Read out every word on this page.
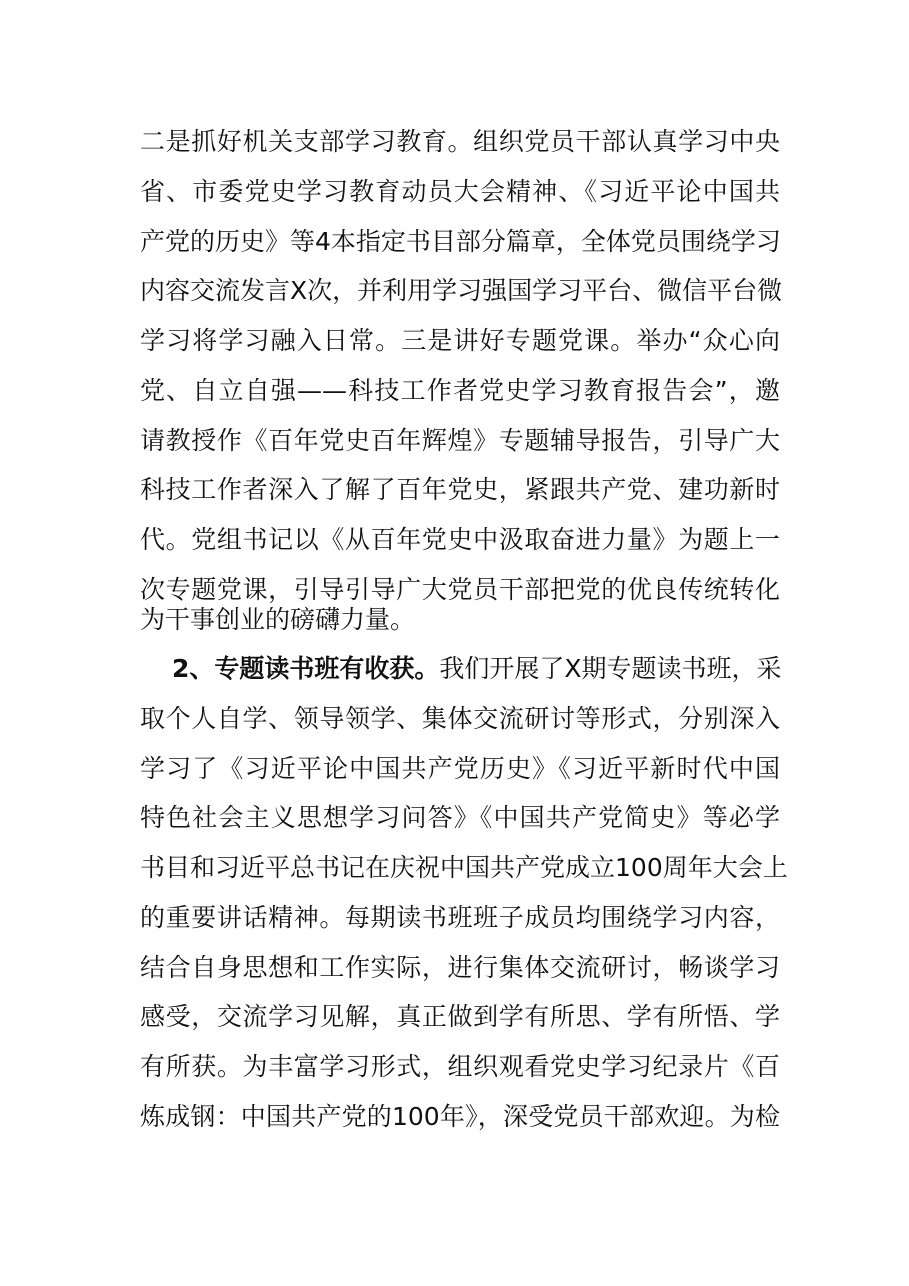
二是抓好机关支部学习教育。组织党员干部认真学习中央
省、市委党史学习教育动员大会精神、《习近平论中国共
产党的历史》等4本指定书目部分篇章，全体党员围绕学习
内容交流发言X次，并利用学习强国学习平台、微信平台微
学习将学习融入日常。三是讲好专题党课。举办“众心向
党、自立自强——科技工作者党史学习教育报告会”，邀
请教授作《百年党史百年辉煌》专题辅导报告，引导广大
科技工作者深入了解了百年党史，紧跟共产党、建功新时
代。党组书记以《从百年党史中汲取奋进力量》为题上一
次专题党课，引导引导广大党员干部把党的优良传统转化
为干事创业的磅礴力量。
2、专题读书班有收获。我们开展了X期专题读书班，采
取个人自学、领导领学、集体交流研讨等形式，分别深入
学习了《习近平论中国共产党历史》《习近平新时代中国
特色社会主义思想学习问答》《中国共产党简史》等必学
书目和习近平总书记在庆祝中国共产党成立100周年大会上
的重要讲话精神。每期读书班班子成员均围绕学习内容，
结合自身思想和工作实际，进行集体交流研讨，畅谈学习
感受，交流学习见解，真正做到学有所思、学有所悟、学
有所获。为丰富学习形式，组织观看党史学习纪录片《百
炼成钢：中国共产党的100年》，深受党员干部欢迎。为检
